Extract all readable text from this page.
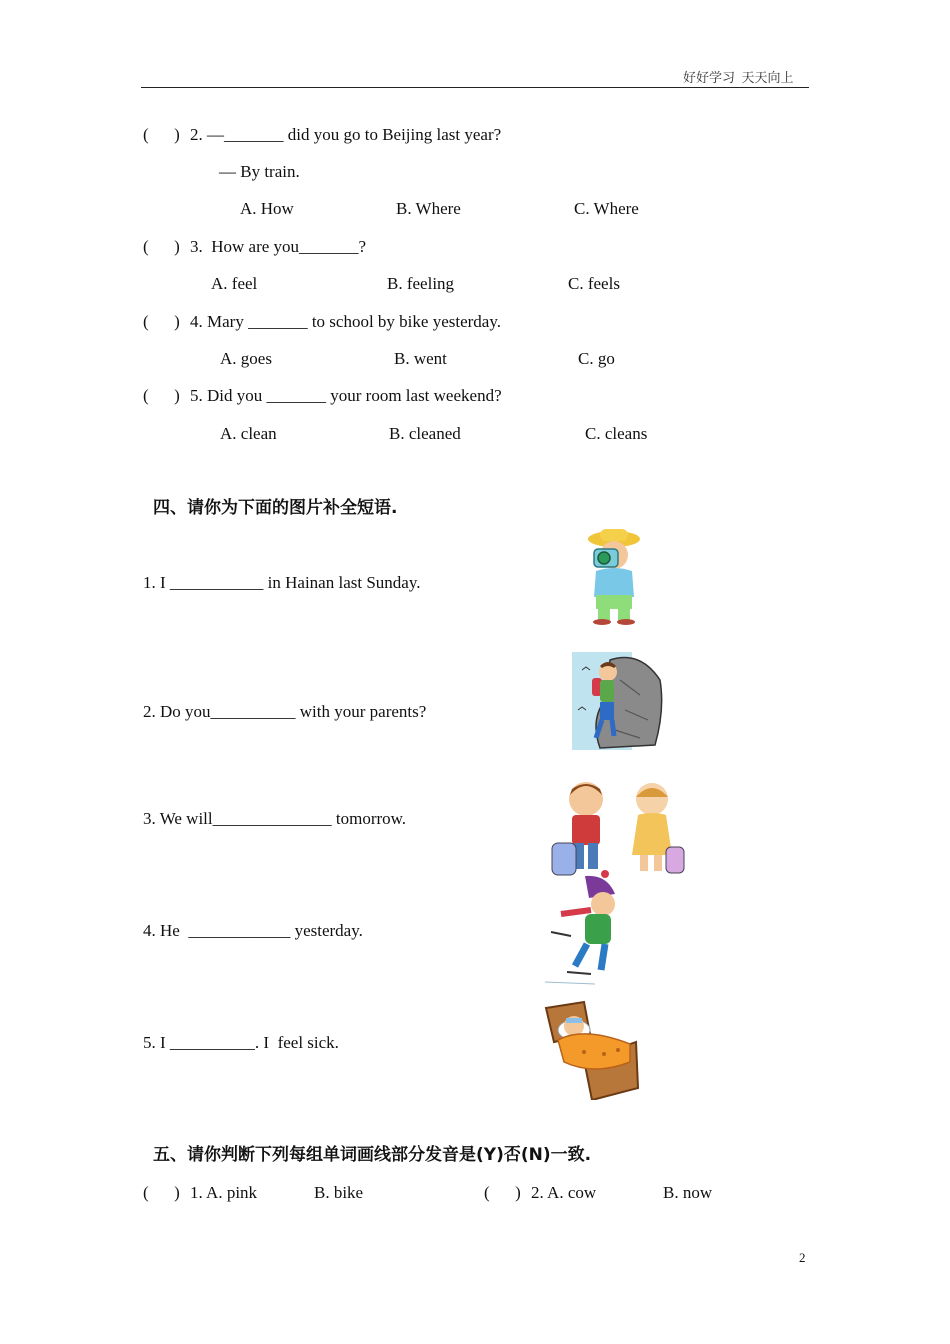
好好学习  天天向上
(      ) 2. —_______ did you go to Beijing last year?
— By train.
A. How	B. Where	C. Where
(      ) 3.  How are you_______?
A. feel	B. feeling	C. feels
(      ) 4. Mary _______ to school by bike yesterday.
A. goes	B. went	C. go
(      ) 5. Did you _______ your room last weekend?
A. clean	B. cleaned	C. cleans
四、请你为下面的图片补全短语.
1. I ___________ in Hainan last Sunday.
2. Do you__________ with your parents?
3. We will______________ tomorrow.
4. He  ____________ yesterday.
5. I __________. I  feel sick.
五、请你判断下列每组单词画线部分发音是(Y)否(N)一致.
(      ) 1. A. pink	B. bike	(      ) 2. A. cow	B. now
2
